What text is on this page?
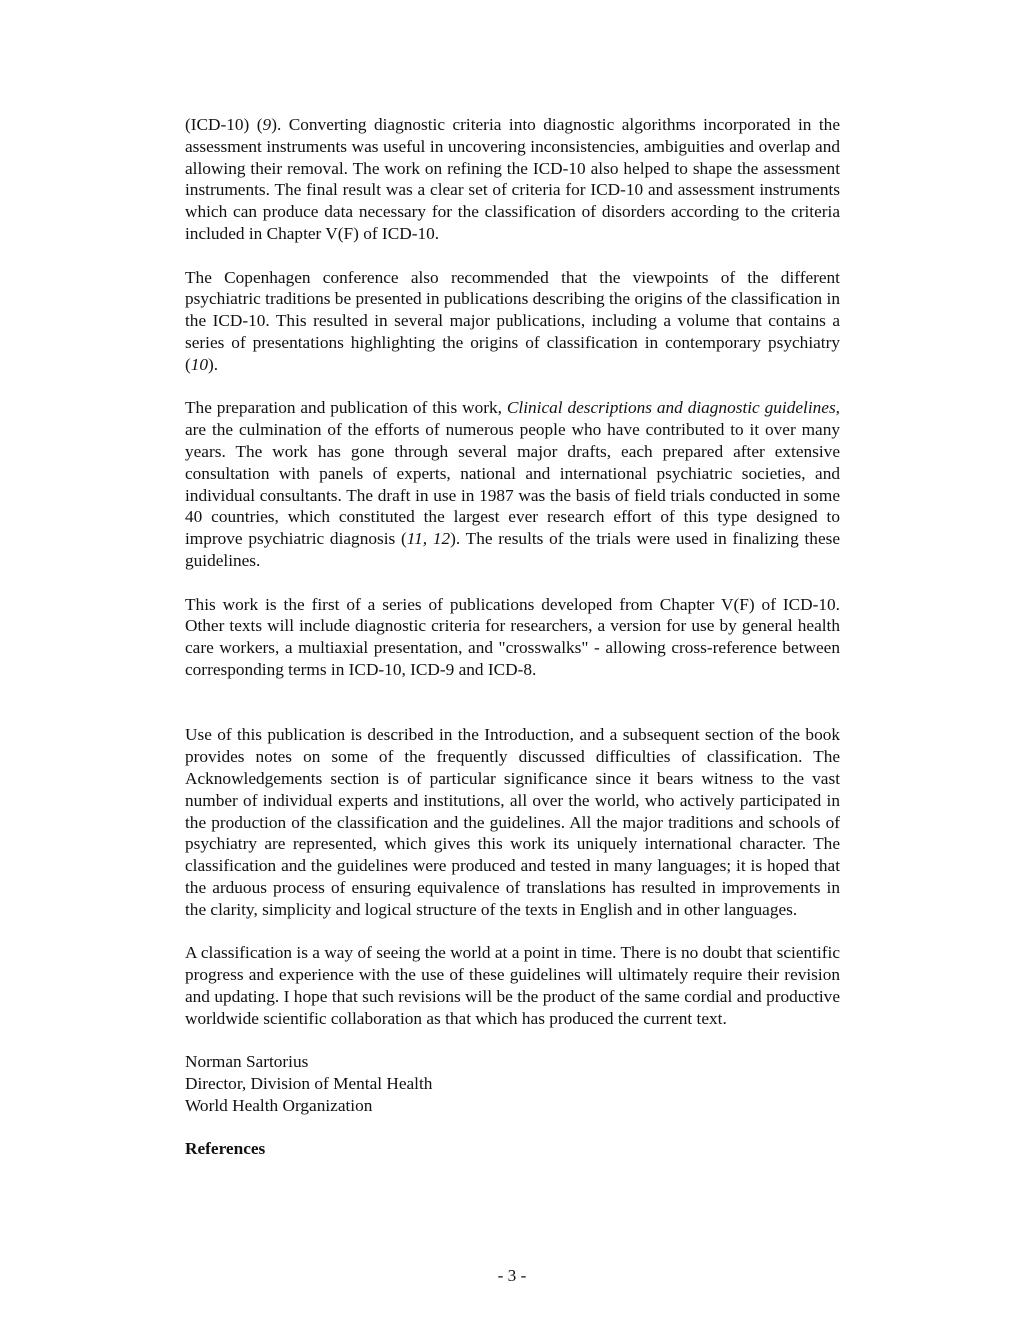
(ICD-10) (9). Converting diagnostic criteria into diagnostic algorithms incorporated in the assessment instruments was useful in uncovering inconsistencies, ambiguities and overlap and allowing their removal. The work on refining the ICD-10 also helped to shape the assessment instruments. The final result was a clear set of criteria for ICD-10 and assessment instruments which can produce data necessary for the classification of disorders according to the criteria included in Chapter V(F) of ICD-10.

The Copenhagen conference also recommended that the viewpoints of the different psychiatric traditions be presented in publications describing the origins of the classification in the ICD-10. This resulted in several major publications, including a volume that contains a series of presentations highlighting the origins of classification in contemporary psychiatry (10).

The preparation and publication of this work, Clinical descriptions and diagnostic guidelines, are the culmination of the efforts of numerous people who have contributed to it over many years. The work has gone through several major drafts, each prepared after extensive consultation with panels of experts, national and international psychiatric societies, and individual consultants. The draft in use in 1987 was the basis of field trials conducted in some 40 countries, which constituted the largest ever research effort of this type designed to improve psychiatric diagnosis (11, 12). The results of the trials were used in finalizing these guidelines.

This work is the first of a series of publications developed from Chapter V(F) of ICD-10. Other texts will include diagnostic criteria for researchers, a version for use by general health care workers, a multiaxial presentation, and "crosswalks" - allowing cross-reference between corresponding terms in ICD-10, ICD-9 and ICD-8.

Use of this publication is described in the Introduction, and a subsequent section of the book provides notes on some of the frequently discussed difficulties of classification. The Acknowledgements section is of particular significance since it bears witness to the vast number of individual experts and institutions, all over the world, who actively participated in the production of the classification and the guidelines. All the major traditions and schools of psychiatry are represented, which gives this work its uniquely international character. The classification and the guidelines were produced and tested in many languages; it is hoped that the arduous process of ensuring equivalence of translations has resulted in improvements in the clarity, simplicity and logical structure of the texts in English and in other languages.

A classification is a way of seeing the world at a point in time. There is no doubt that scientific progress and experience with the use of these guidelines will ultimately require their revision and updating. I hope that such revisions will be the product of the same cordial and productive worldwide scientific collaboration as that which has produced the current text.

Norman Sartorius

Director, Division of Mental Health

World Health Organization

References

- 3 -
